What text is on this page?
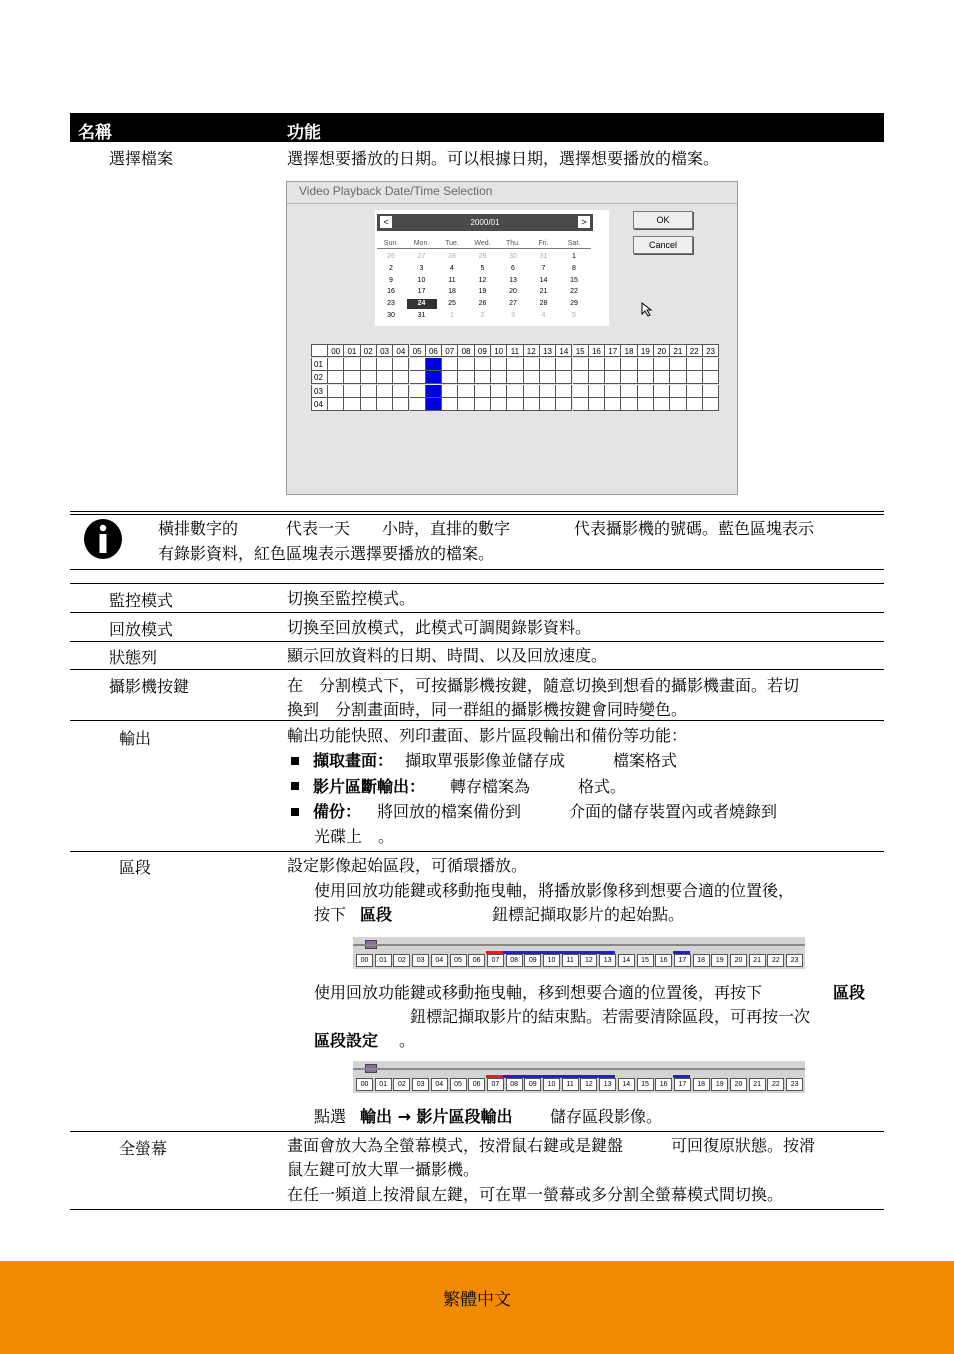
名稱	功能
選擇檔案	選擇想要播放的日期。可以根據日期，選擇想要播放的檔案。
Video Playback Date/Time Selection
<	2000/01	>
Sun.	Mon.	Tue.	Wed.	Thu.	Fri.	Sat.
26	27	28	29	30	31	1
2	3	4	5	6	7	8
9	10	11	12	13	14	15
16	17	18	19	20	21	22
23	24	25	26	27	28	29
30	31	1	2	3	4	5
OK
Cancel
00 01 02 03 04 05 06 07 08 09 10 11 12 13 14 15 16 17 18 19 20 21 22 23
01
02
03
04
橫排數字的　　　代表一天　　小時，直排的數字　　　　代表攝影機的號碼。藍色區塊表示
有錄影資料，紅色區塊表示選擇要播放的檔案。
監控模式	切換至監控模式。
回放模式	切換至回放模式，此模式可調閱錄影資料。
狀態列	顯示回放資料的日期、時間、以及回放速度。
攝影機按鍵	在　分割模式下，可按攝影機按鍵，隨意切換到想看的攝影機畫面。若切
換到　分割畫面時，同一群組的攝影機按鍵會同時變色。
輸出	輸出功能快照、列印畫面、影片區段輸出和備份等功能：
擷取畫面： 擷取單張影像並儲存成　　　檔案格式
影片區斷輸出： 轉存檔案為　　　格式。
備份： 將回放的檔案備份到　　　介面的儲存裝置內或者燒錄到
光碟上　。
區段	設定影像起始區段，可循環播放。
使用回放功能鍵或移動拖曳軸，將播放影像移到想要合適的位置後，
按下 區段	鈕標記擷取影片的起始點。
00	01	02	03	04	05	06	07	08	09	10	11	12	13	14	15	16	17	18	19	20	21	22	23
使用回放功能鍵或移動拖曳軸，移到想要合適的位置後，再按下	區段
鈕標記擷取影片的結束點。若需要清除區段，可再按一次
區段設定 。
00	01	02	03	04	05	06	07	08	09	10	11	12	13	14	15	16	17	18	19	20	21	22	23
點選 輸出 → 影片區段輸出 儲存區段影像。
全螢幕	畫面會放大為全螢幕模式，按滑鼠右鍵或是鍵盤　　　可回復原狀態。按滑
鼠左鍵可放大單一攝影機。
在任一頻道上按滑鼠左鍵，可在單一螢幕或多分割全螢幕模式間切換。
繁體中文
